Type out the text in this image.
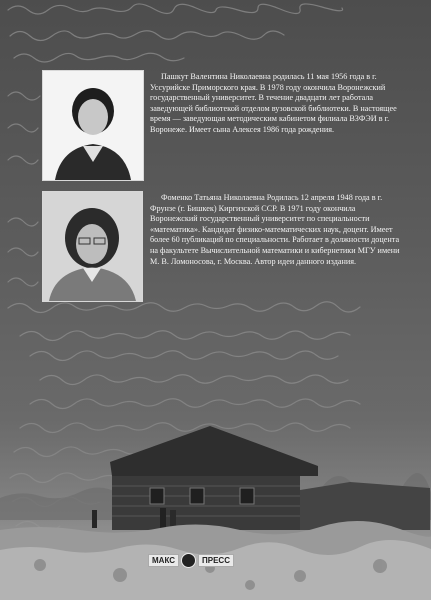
Пашкут Валентина Николаевна родилась 11 мая 1956 года в г. Уссурийске Приморского края. В 1978 году окончила Воронежский государственный университет. В течение двадцати лет работала заведующей библиотекой отделом вузовской библиотеки. В настоящее время — заведующая методическим кабинетом филиала ВЗФЭИ в г. Воронеже. Имеет сына Алексея 1986 года рождения.

Фоменко Татьяна Николаевна Родилась 12 апреля 1948 года в г. Фрунзе (г. Бишкек) Киргизской ССР. В 1971 году окончила Воронежский государственный университет по специальности «математика». Кандидат физико-математических наук, доцент. Имеет более 60 публикаций по специальности. Работает в должности доцента на факультете Вычислительной математики и кибернетики МГУ имени М. В. Ломоносова, г. Москва. Автор идеи данного издания.

МАКС	ПРЕСС
